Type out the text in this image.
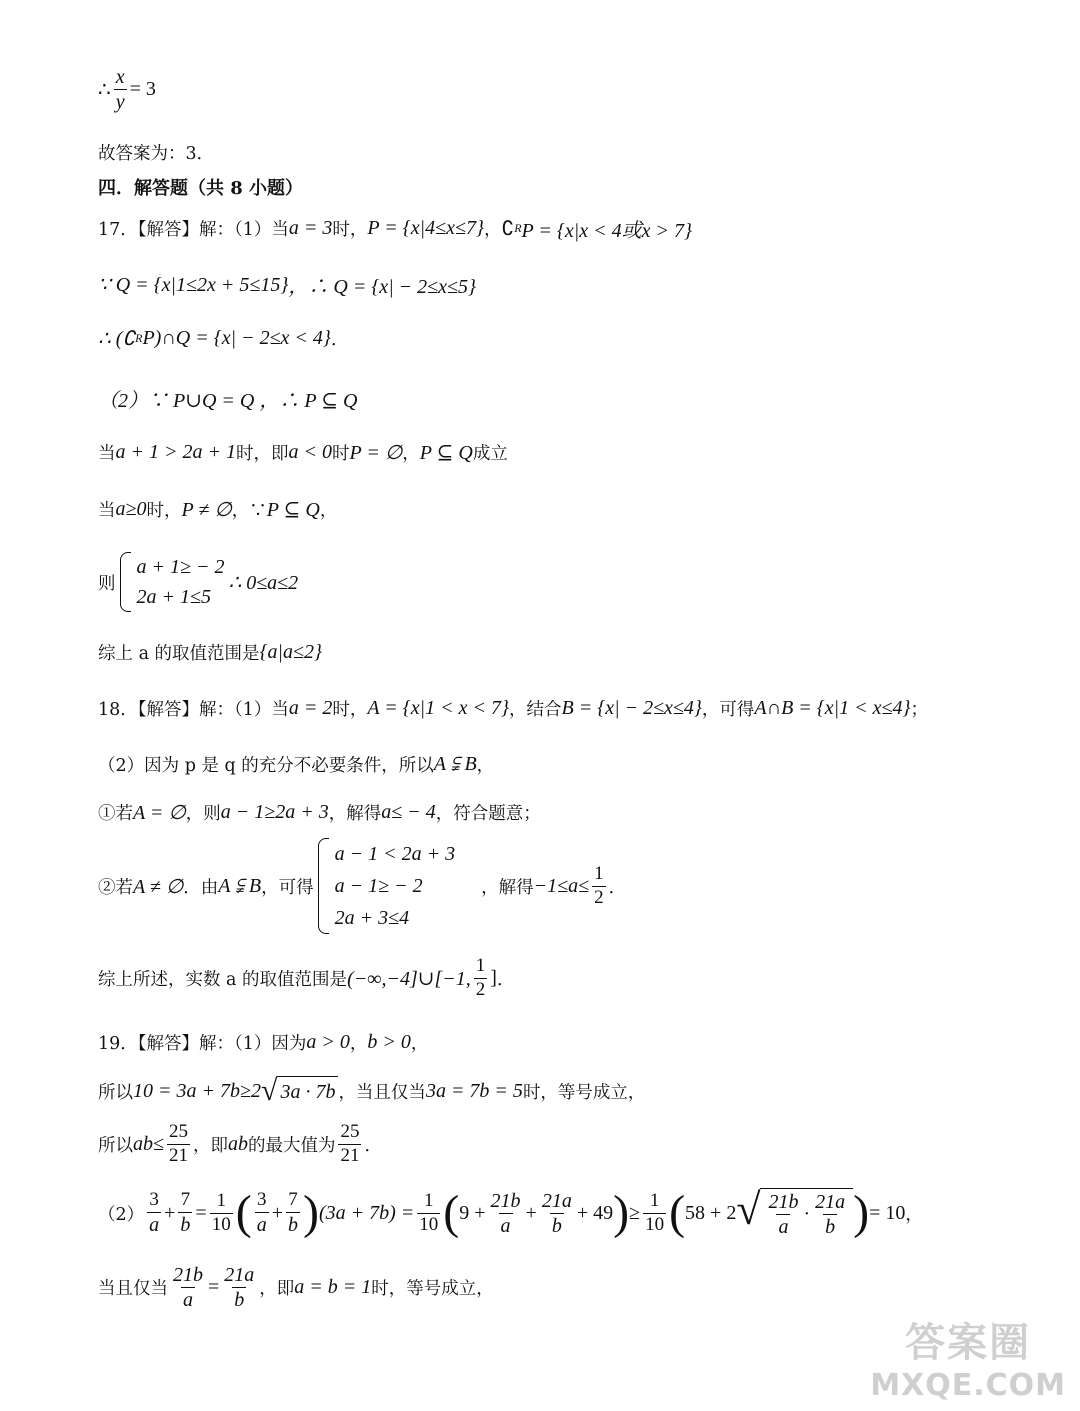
∴ $\frac{x}{y} = 3$
故答案为：3．
四．解答题（共 8 小题）
17．【解答】解：（1）当 a = 3 时， P = {x|4≤x≤7} ， ∁ R P = {x|x < 4或x > 7}
∵ Q = {x|1≤2x + 5≤15} ，∴ Q = {x| − 2≤x≤5}
∴ (∁ R P)∩Q = {x| − 2≤x < 4} ．
（2）∵ P∪Q = Q ，∴ P ⊆ Q
当 a + 1 > 2a + 1 时，即 a < 0 时 P = ∅ ， P ⊆ Q 成立
当 a≥0 时， P ≠ ∅ ，∵ P ⊆ Q ，
则
a + 1≥ − 2
2a + 1≤5
∴ 0≤a≤2
综上 a 的取值范围是 {a|a≤2}
18．【解答】解：（1）当 a = 2 时， A = {x|1 < x < 7} ，结合 B = {x| − 2≤x≤4} ，可得 A∩B = {x|1 < x≤4} ；
（2）因为 p 是 q 的充分不必要条件，所以 A ⫋ B ，
①若 A = ∅ ，则 a − 1≥2a + 3 ，解得 a≤ − 4 ，符合题意；
②若 A ≠ ∅ ．由 A ⫋ B ，可得
a − 1 < 2a + 3
a − 1≥ − 2
2a + 3≤4
，解得 $-1\le a\le \frac{1}{2}$ ．
综上所述，实数 a 的取值范围是 (−∞,−4]∪[−1, $\frac{1}{2}$ ] ．
19．【解答】解：（1）因为 a > 0 ， b > 0 ，
所以 10 = 3a + 7b≥2 √ 3a · 7b ，当且仅当 3a = 7b = 5 时，等号成立，
所以 $ab\le \frac{25}{21}$ ，即 ab 的最大值为 $\frac{25}{21}$ ．
$(2) \frac{3}{a} + \frac{7}{b} = \frac{1}{10}$ ( $\frac{3}{a} + \frac{7}{b}$ ) $(3a + 7b) = \frac{1}{10}$ ( $9 + \frac{21b}{a} + \frac{21a}{b} + 49$ ) ≥ $\frac{1}{10}$ ( 58 + 2 √ $\frac{21b}{a} \cdot \frac{21a}{b}$ ) = 10 ，
当且仅当 $\frac{21b}{a} = \frac{21a}{b}$ ，即 a = b = 1 时，等号成立，
答案圈
MXQE.COM
